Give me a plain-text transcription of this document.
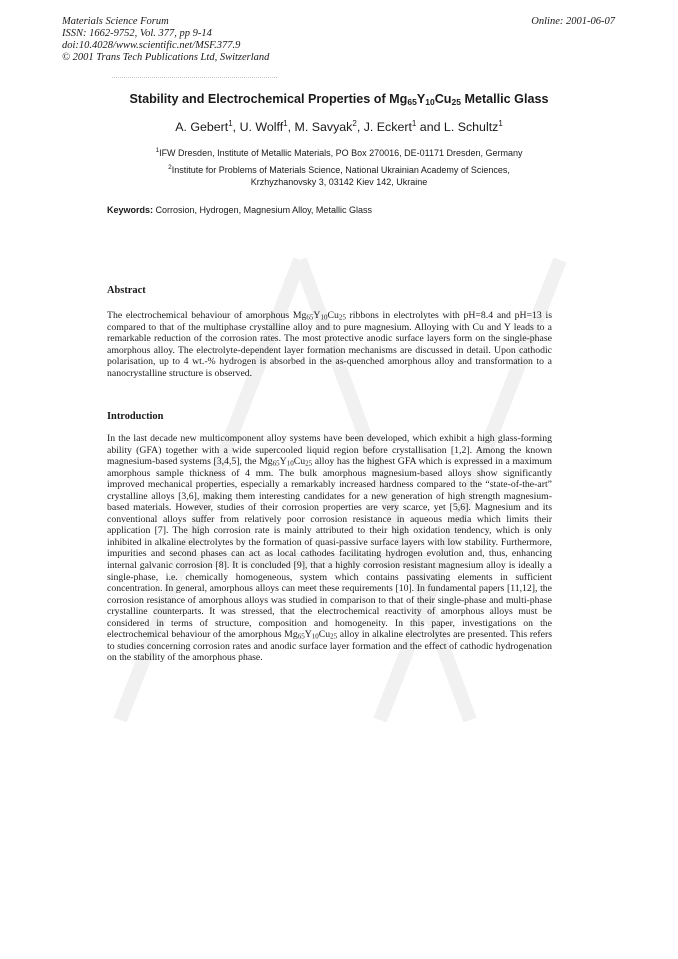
Materials Science Forum
ISSN: 1662-9752, Vol. 377, pp 9-14
doi:10.4028/www.scientific.net/MSF.377.9
© 2001 Trans Tech Publications Ltd, Switzerland
Online: 2001-06-07
Stability and Electrochemical Properties of $Mg_{65}Y_{10}Cu_{25}$ Metallic Glass
A. Gebert$^1$, U. Wolff$^1$, M. Savyak$^2$, J. Eckert$^1$ and L. Schultz$^1$
$^1$IFW Dresden, Institute of Metallic Materials, PO Box 270016, DE-01171 Dresden, Germany
$^2$Institute for Problems of Materials Science, National Ukrainian Academy of Sciences,
Krzhyzhanovsky 3, 03142 Kiev 142, Ukraine
Keywords: Corrosion, Hydrogen, Magnesium Alloy, Metallic Glass
Abstract
The electrochemical behaviour of amorphous $Mg_{65}Y_{10}Cu_{25}$ ribbons in electrolytes with pH=8.4 and pH=13 is compared to that of the multiphase crystalline alloy and to pure magnesium. Alloying with Cu and Y leads to a remarkable reduction of the corrosion rates. The most protective anodic surface layers form on the single-phase amorphous alloy. The electrolyte-dependent layer formation mechanisms are discussed in detail. Upon cathodic polarisation, up to 4 wt.-% hydrogen is absorbed in the as-quenched amorphous alloy and transformation to a nanocrystalline structure is observed.
Introduction
In the last decade new multicomponent alloy systems have been developed, which exhibit a high glass-forming ability (GFA) together with a wide supercooled liquid region before crystallisation [1,2]. Among the known magnesium-based systems [3,4,5], the $Mg_{65}Y_{10}Cu_{25}$ alloy has the highest GFA which is expressed in a maximum amorphous sample thickness of 4 mm. The bulk amorphous magnesium-based alloys show significantly improved mechanical properties, especially a remarkably increased hardness compared to the “state-of-the-art” crystalline alloys [3,6], making them interesting candidates for a new generation of high strength magnesium-based materials. However, studies of their corrosion properties are very scarce, yet [5,6]. Magnesium and its conventional alloys suffer from relatively poor corrosion resistance in aqueous media which limits their application [7]. The high corrosion rate is mainly attributed to their high oxidation tendency, which is only inhibited in alkaline electrolytes by the formation of quasi-passive surface layers with low stability. Furthermore, impurities and second phases can act as local cathodes facilitating hydrogen evolution and, thus, enhancing internal galvanic corrosion [8]. It is concluded [9], that a highly corrosion resistant magnesium alloy is ideally a single-phase, i.e. chemically homogeneous, system which contains passivating elements in sufficient concentration. In general, amorphous alloys can meet these requirements [10]. In fundamental papers [11,12], the corrosion resistance of amorphous alloys was studied in comparison to that of their single-phase and multi-phase crystalline counterparts. It was stressed, that the electrochemical reactivity of amorphous alloys must be considered in terms of structure, composition and homogeneity. In this paper, investigations on the electrochemical behaviour of the amorphous $Mg_{65}Y_{10}Cu_{25}$ alloy in alkaline electrolytes are presented. This refers to studies concerning corrosion rates and anodic surface layer formation and the effect of cathodic hydrogenation on the stability of the amorphous phase.
